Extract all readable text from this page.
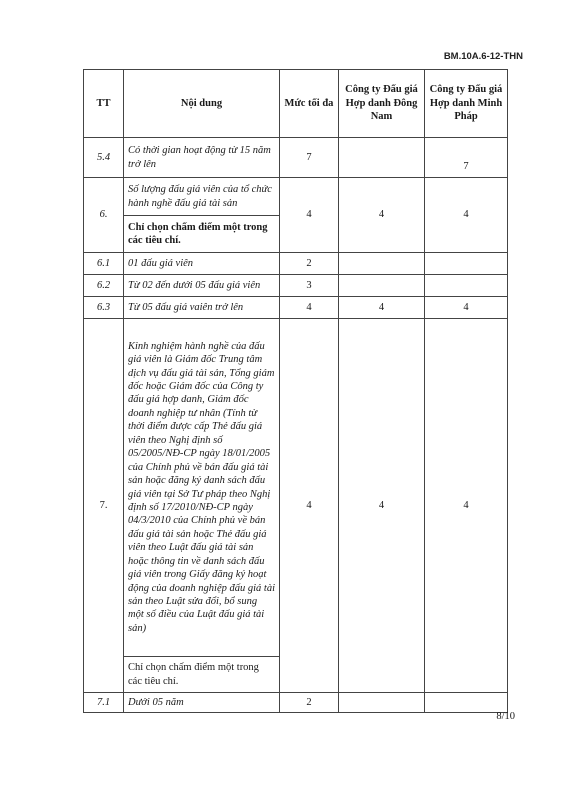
BM.10A.6-12-THN
TT	Nội dung	Mức tối đa	Công ty Đấu giá Hợp danh Đông Nam	Công ty Đấu giá Hợp danh Minh Pháp
5.4	Có thời gian hoạt động từ 15 năm trở lên	7		7
6.	Số lượng đấu giá viên của tổ chức hành nghề đấu giá tài sản	4	4	4
	Chỉ chọn chấm điểm một trong các tiêu chí.			
6.1	01 đấu giá viên	2		
6.2	Từ 02 đến dưới 05 đấu giá viên	3		
6.3	Từ 05 đấu giá vaiên trở lên	4	4	4
7.	Kinh nghiệm hành nghề của đấu giá viên là Giám đốc Trung tâm dịch vụ đấu giá tài sản, Tổng giám đốc hoặc Giám đốc của Công ty đấu giá hợp danh, Giám đốc doanh nghiệp tư nhân (Tính từ thời điểm được cấp Thẻ đấu giá viên theo Nghị định số 05/2005/NĐ-CP ngày 18/01/2005 của Chính phủ về bán đấu giá tài sản hoặc đăng ký danh sách đấu giá viên tại Sở Tư pháp theo Nghị định số 17/2010/NĐ-CP ngày 04/3/2010 của Chính phủ về bán đấu giá tài sản hoặc Thẻ đấu giá viên theo Luật đấu giá tài sản hoặc thông tin về danh sách đấu giá viên trong Giấy đăng ký hoạt động của doanh nghiệp đấu giá tài sản theo Luật sửa đổi, bổ sung một số điều của Luật đấu giá tài sản)	4	4	4
	Chỉ chọn chấm điểm một trong các tiêu chí.			
7.1	Dưới 05 năm	2		
8/10
